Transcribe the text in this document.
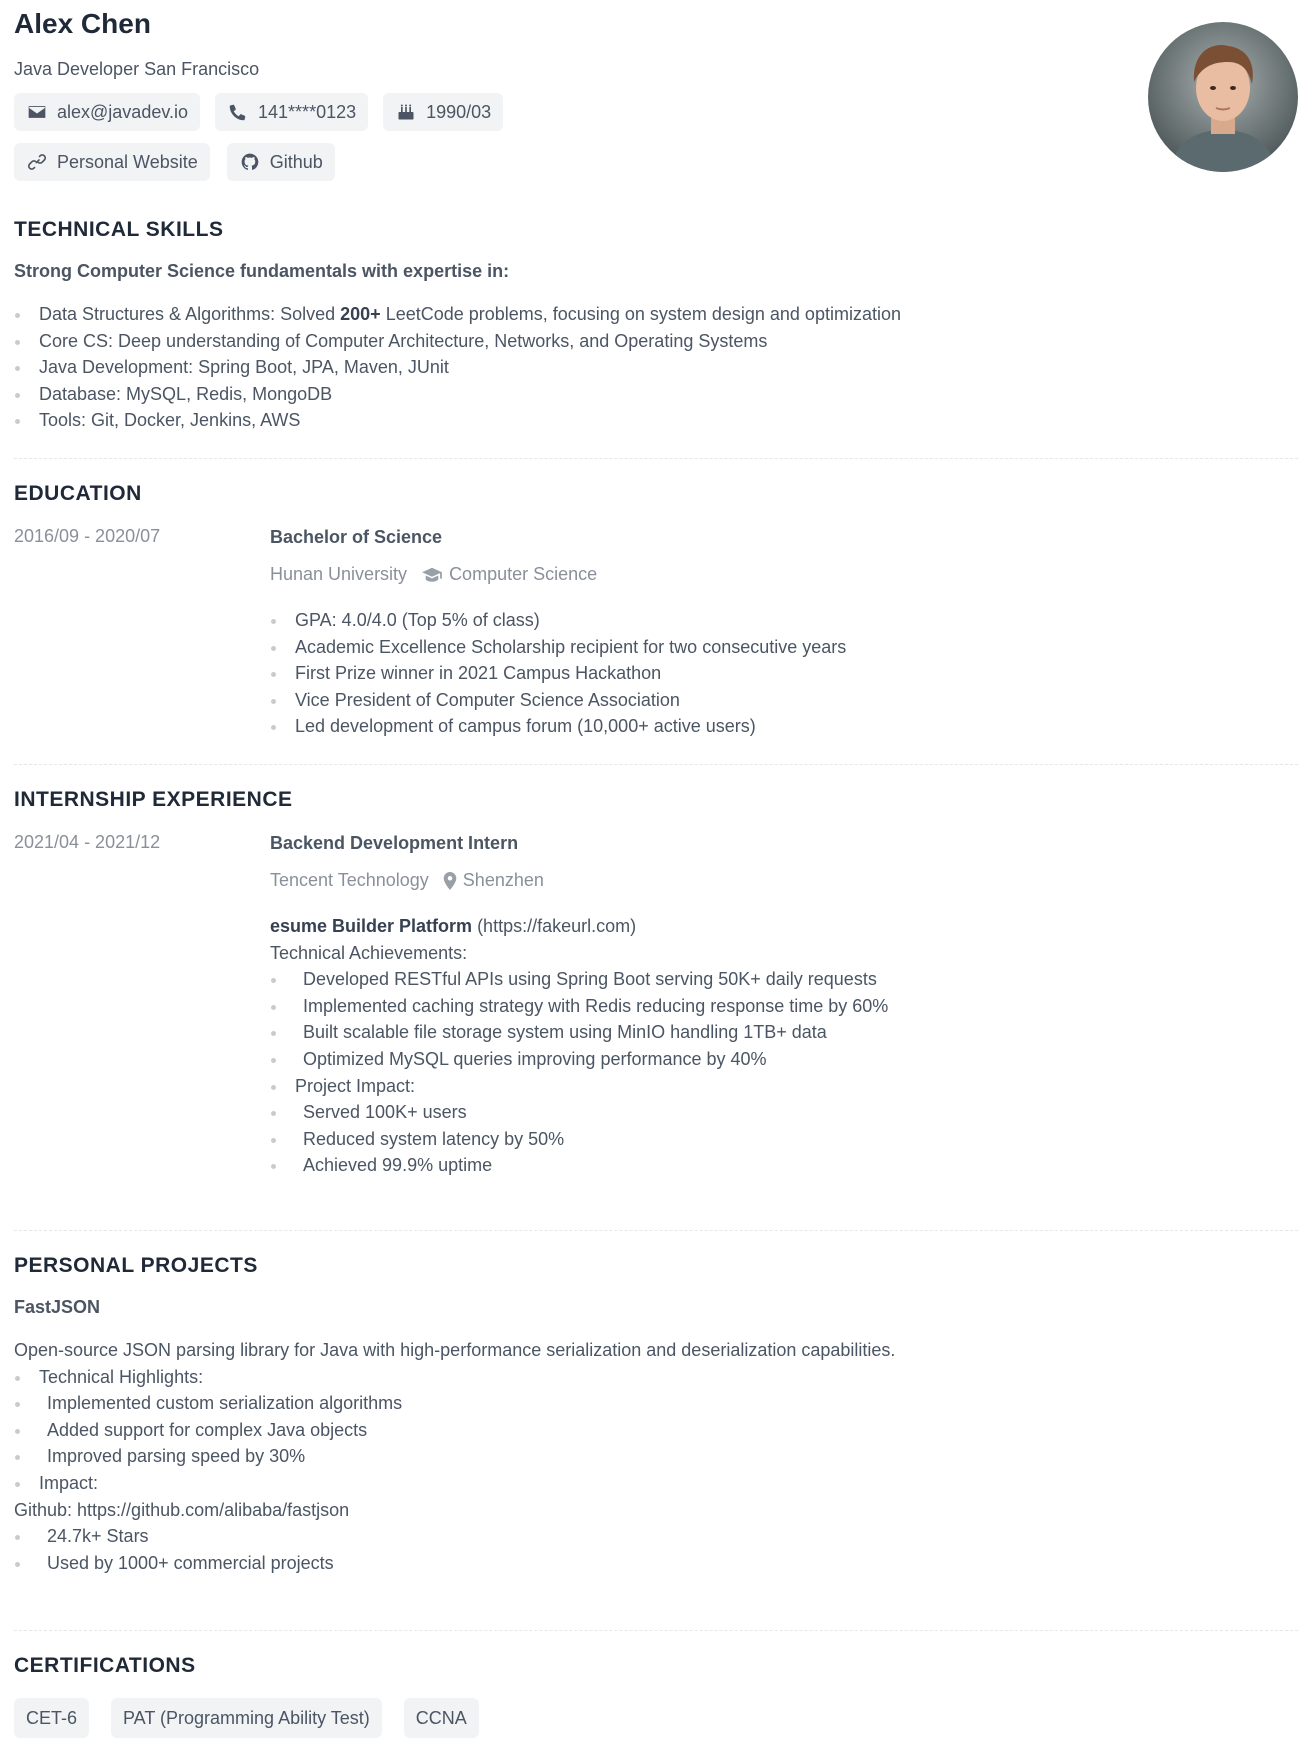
Alex Chen
Java Developer San Francisco
alex@javadev.io	141****0123	1990/03
Personal Website	Github
TECHNICAL SKILLS
Strong Computer Science fundamentals with expertise in:
Data Structures & Algorithms: Solved 200+ LeetCode problems, focusing on system design and optimization
Core CS: Deep understanding of Computer Architecture, Networks, and Operating Systems
Java Development: Spring Boot, JPA, Maven, JUnit
Database: MySQL, Redis, MongoDB
Tools: Git, Docker, Jenkins, AWS
EDUCATION
2016/09 - 2020/07	Bachelor of Science
Hunan University Computer Science
GPA: 4.0/4.0 (Top 5% of class)
Academic Excellence Scholarship recipient for two consecutive years
First Prize winner in 2021 Campus Hackathon
Vice President of Computer Science Association
Led development of campus forum (10,000+ active users)
INTERNSHIP EXPERIENCE
2021/04 - 2021/12	Backend Development Intern
Tencent Technology Shenzhen
esume Builder Platform (https://fakeurl.com)
Technical Achievements:
Developed RESTful APIs using Spring Boot serving 50K+ daily requests
Implemented caching strategy with Redis reducing response time by 60%
Built scalable file storage system using MinIO handling 1TB+ data
Optimized MySQL queries improving performance by 40%
Project Impact:
Served 100K+ users
Reduced system latency by 50%
Achieved 99.9% uptime
PERSONAL PROJECTS
FastJSON
Open-source JSON parsing library for Java with high-performance serialization and deserialization capabilities.
Technical Highlights:
Implemented custom serialization algorithms
Added support for complex Java objects
Improved parsing speed by 30%
Impact:
Github: https://github.com/alibaba/fastjson
24.7k+ Stars
Used by 1000+ commercial projects
CERTIFICATIONS
CET-6	PAT (Programming Ability Test)	CCNA
